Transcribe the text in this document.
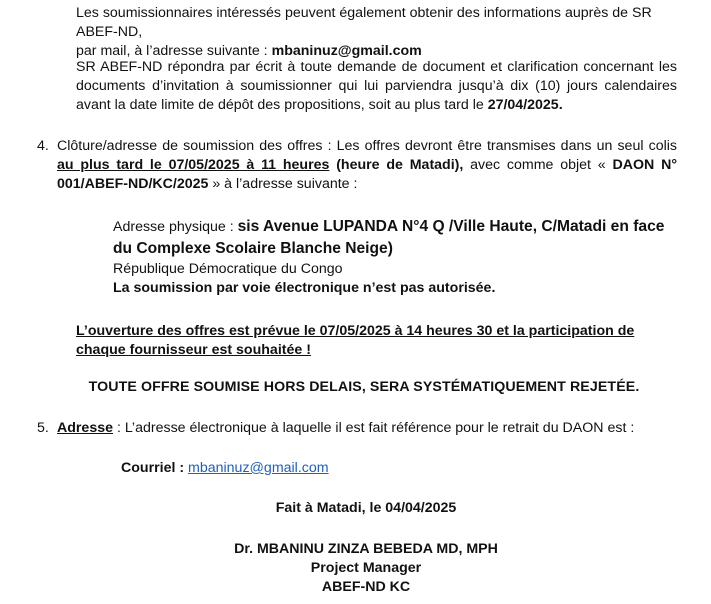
Les soumissionnaires intéressés peuvent également obtenir des informations auprès de SR ABEF-ND,
par mail, à l’adresse suivante : mbaninuz@gmail.com
SR ABEF-ND répondra par écrit à toute demande de document et clarification concernant les documents d’invitation à soumissionner qui lui parviendra jusqu’à dix (10) jours calendaires avant la date limite de dépôt des propositions, soit au plus tard le 27/04/2025.
4. Clôture/adresse de soumission des offres : Les offres devront être transmises dans un seul colis au plus tard le 07/05/2025 à 11 heures (heure de Matadi), avec comme objet « DAON N° 001/ABEF-ND/KC/2025 » à l’adresse suivante :
Adresse physique : sis Avenue LUPANDA N°4 Q /Ville Haute, C/Matadi en face du Complexe Scolaire Blanche Neige)
République Démocratique du Congo
La soumission par voie électronique n’est pas autorisée.
L’ouverture des offres est prévue le 07/05/2025 à 14 heures 30 et la participation de chaque fournisseur est souhaitée !
TOUTE OFFRE SOUMISE HORS DELAIS, SERA SYSTÉMATIQUEMENT REJETÉE.
5. Adresse : L’adresse électronique à laquelle il est fait référence pour le retrait du DAON est :
Courriel : mbaninuz@gmail.com
Fait à Matadi, le 04/04/2025
Dr. MBANINU ZINZA BEBEDA MD, MPH
Project Manager
ABEF-ND KC
